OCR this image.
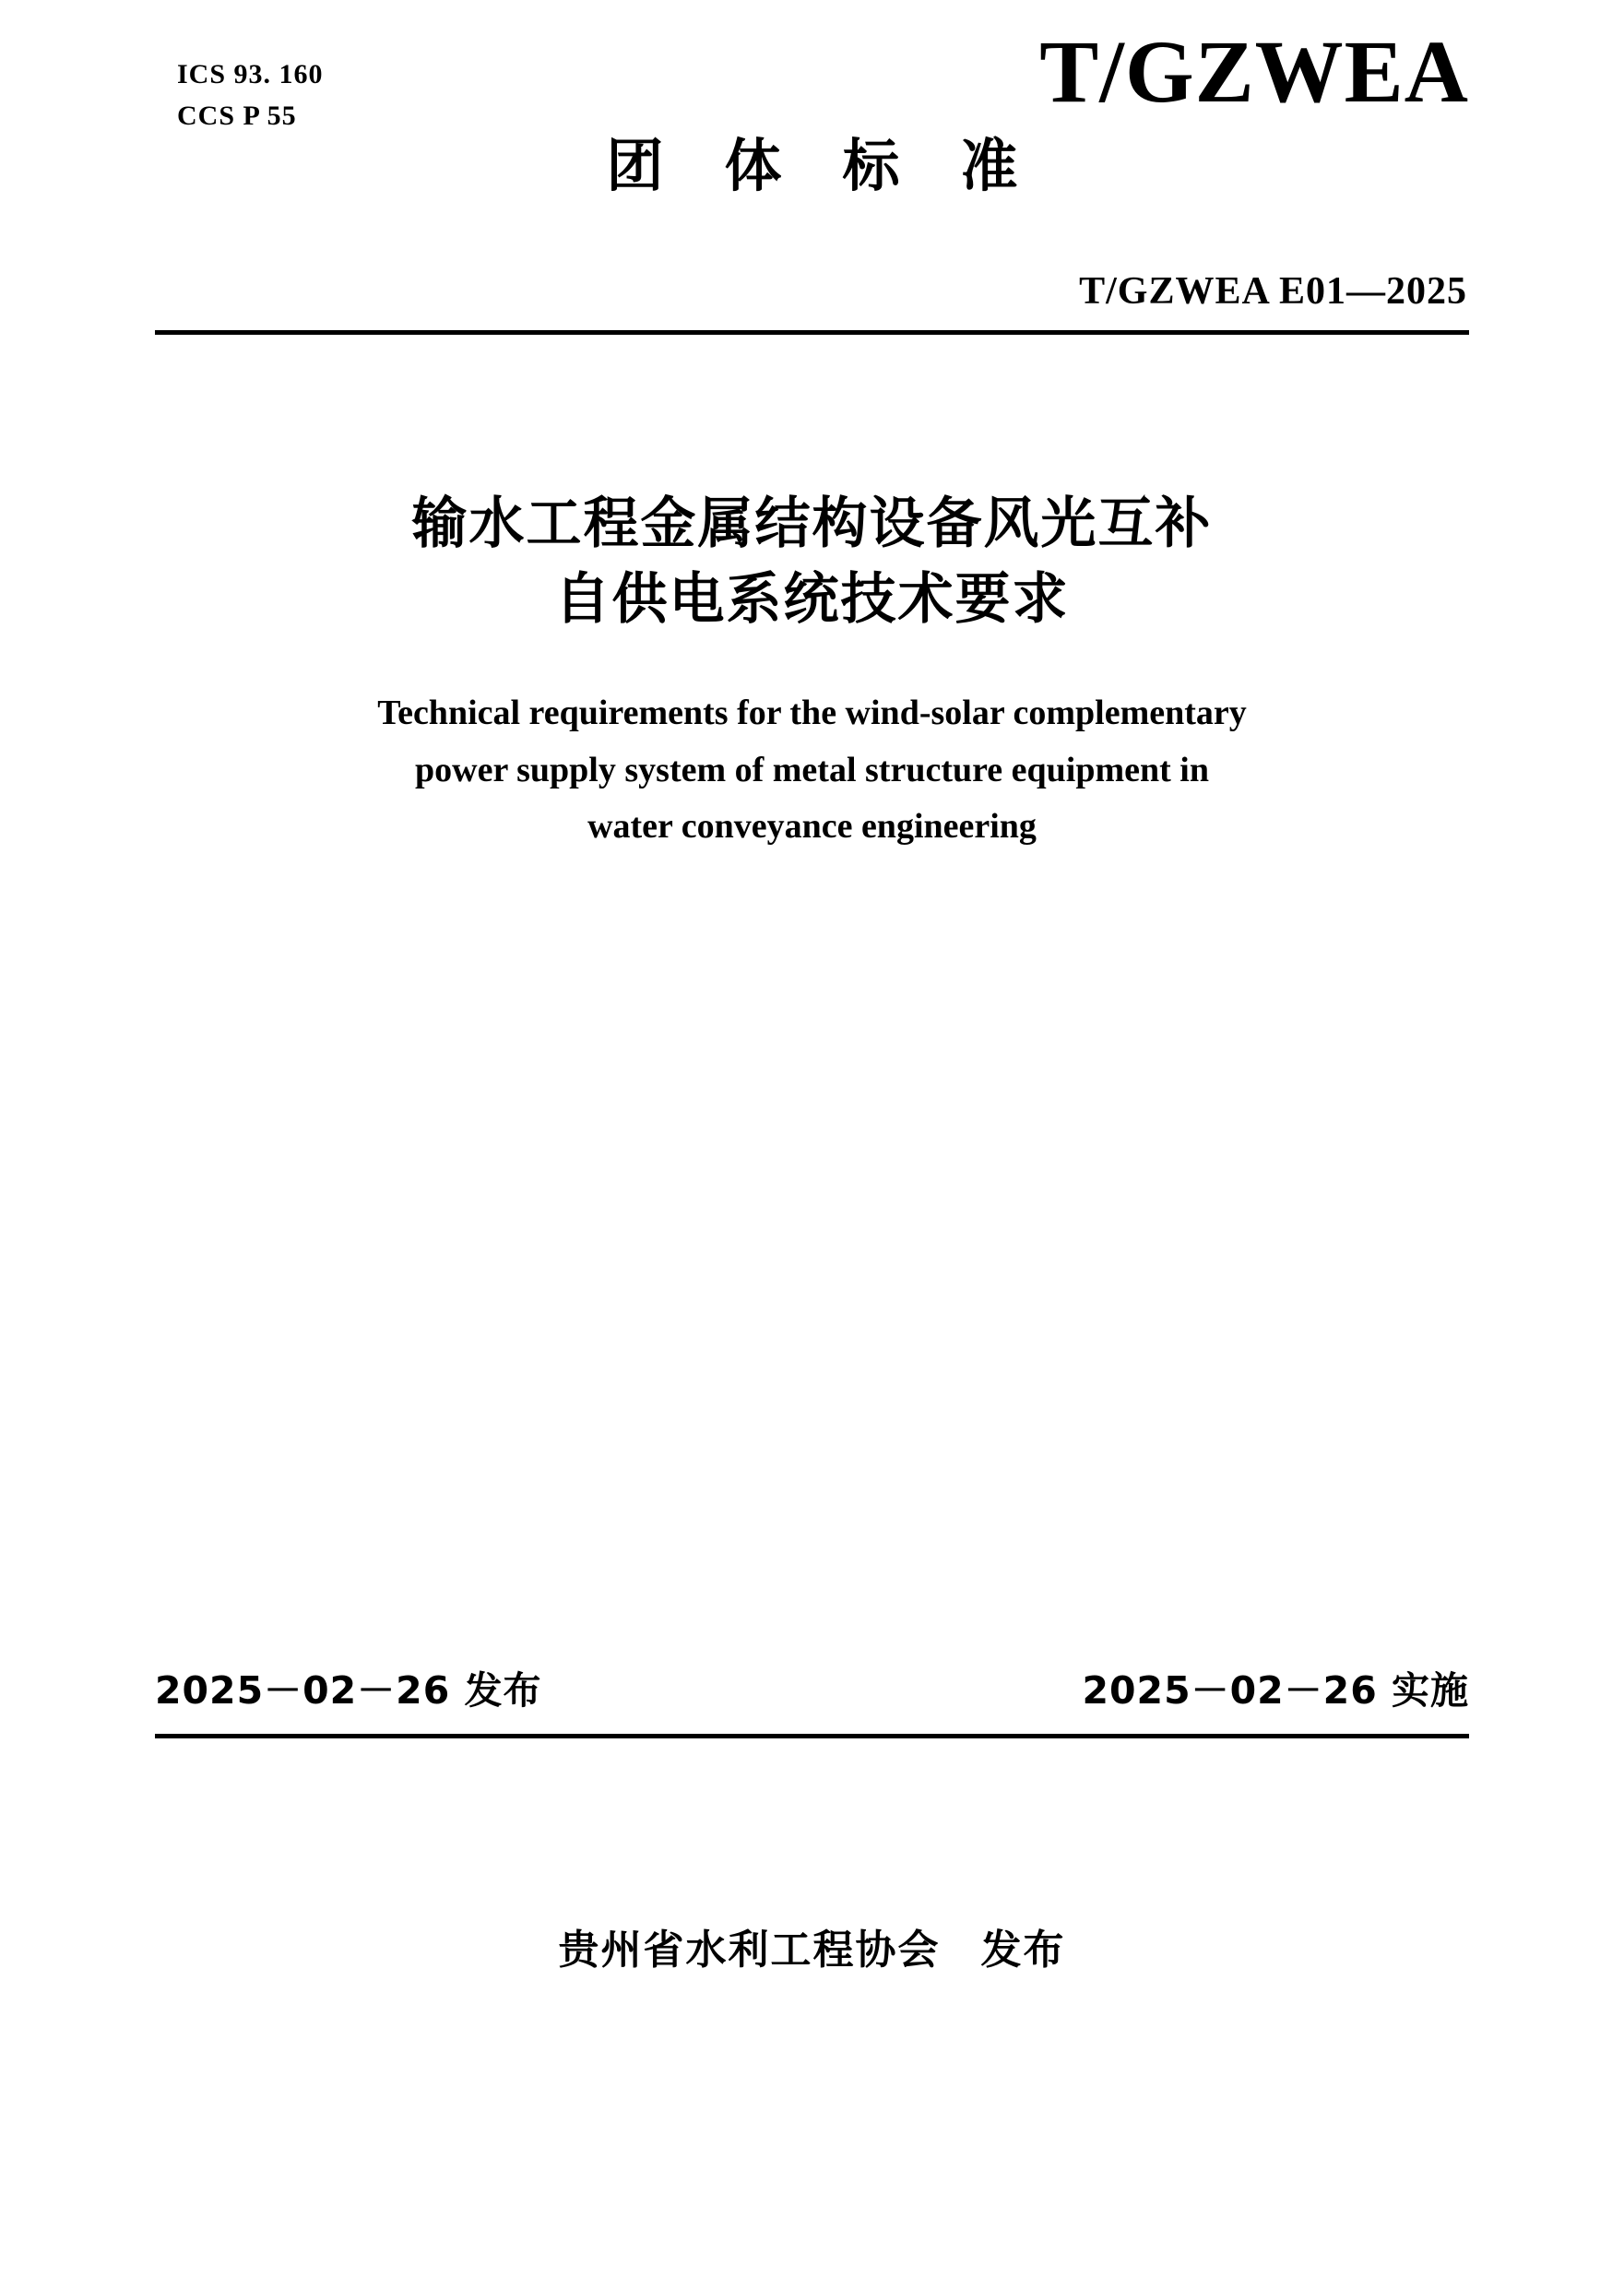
ICS 93. 160
CCS P 55	T/GZWEA
团 体 标 准
T/GZWEA E01—2025
输水工程金属结构设备风光互补
自供电系统技术要求
Technical requirements for the wind-solar complementary
power supply system of metal structure equipment in
water conveyance engineering
2025－02－26 发布	2025－02－26 实施
贵州省水利工程协会 发布
